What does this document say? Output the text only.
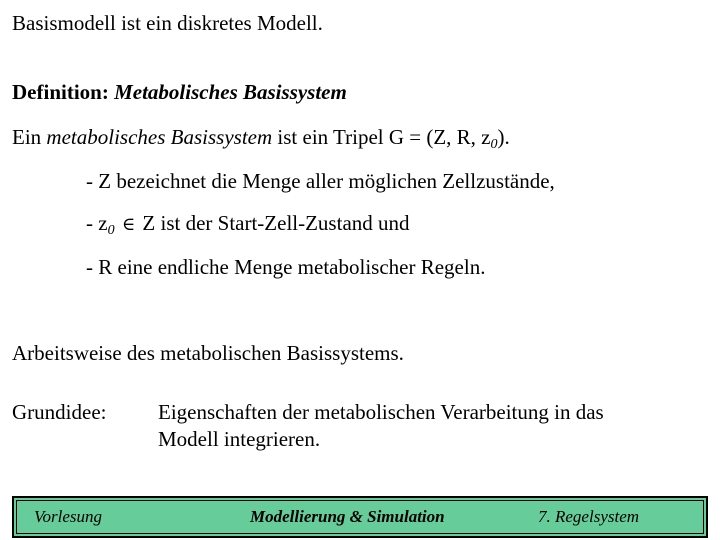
Basismodell ist ein diskretes Modell.
Definition: Metabolisches Basissystem
Ein metabolisches Basissystem ist ein Tripel G = (Z, R, $z_0$).
- Z bezeichnet die Menge aller möglichen Zellzustände,
- $z_0$ ∈ Z ist der Start-Zell-Zustand und
- R eine endliche Menge metabolischer Regeln.
Arbeitsweise des metabolischen Basissystems.
Grundidee: Eigenschaften der metabolischen Verarbeitung in das
Modell integrieren.
Vorlesung	Modellierung & Simulation	7. Regelsystem
